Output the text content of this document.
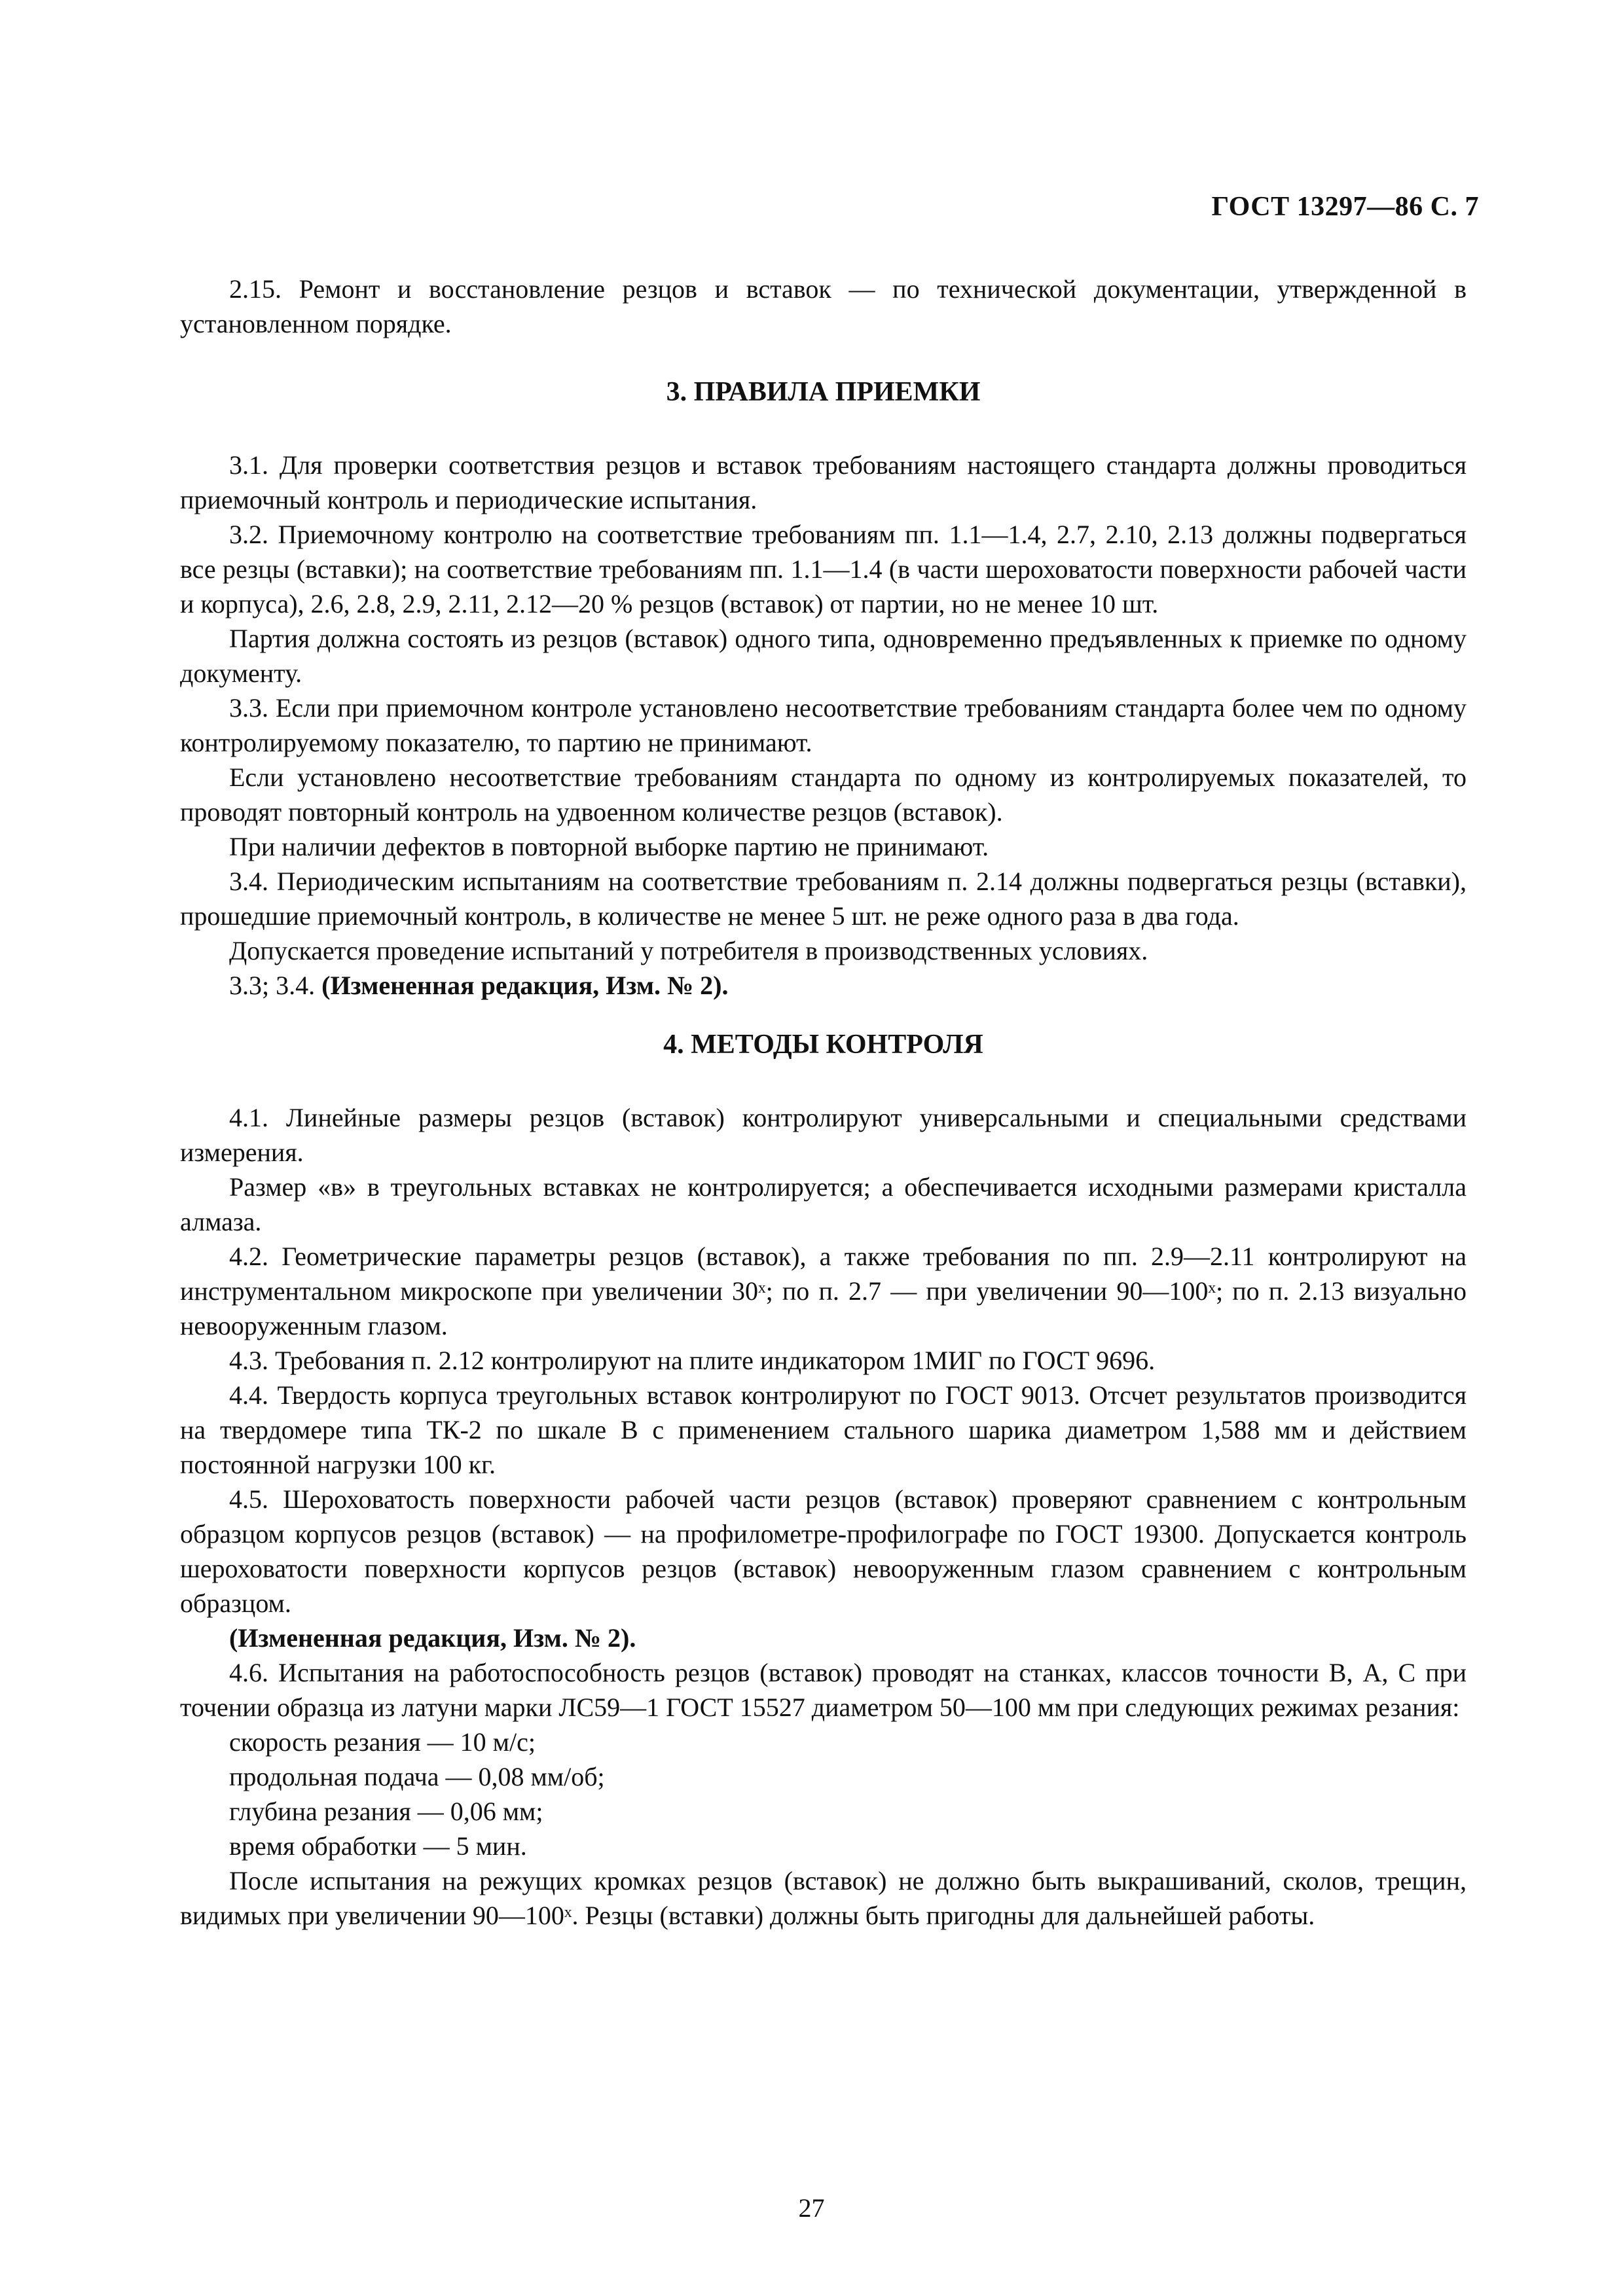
ГОСТ 13297—86 С. 7

2.15. Ремонт и восстановление резцов и вставок — по технической документации, утвержденной в установленном порядке.

3. ПРАВИЛА ПРИЕМКИ

3.1. Для проверки соответствия резцов и вставок требованиям настоящего стандарта должны проводиться приемочный контроль и периодические испытания.

3.2. Приемочному контролю на соответствие требованиям пп. 1.1—1.4, 2.7, 2.10, 2.13 должны подвергаться все резцы (вставки); на соответствие требованиям пп. 1.1—1.4 (в части шероховатости поверхности рабочей части и корпуса), 2.6, 2.8, 2.9, 2.11, 2.12—20 % резцов (вставок) от партии, но не менее 10 шт.

Партия должна состоять из резцов (вставок) одного типа, одновременно предъявленных к приемке по одному документу.

3.3. Если при приемочном контроле установлено несоответствие требованиям стандарта более чем по одному контролируемому показателю, то партию не принимают.

Если установлено несоответствие требованиям стандарта по одному из контролируемых показателей, то проводят повторный контроль на удвоенном количестве резцов (вставок).

При наличии дефектов в повторной выборке партию не принимают.

3.4. Периодическим испытаниям на соответствие требованиям п. 2.14 должны подвергаться резцы (вставки), прошедшие приемочный контроль, в количестве не менее 5 шт. не реже одного раза в два года.

Допускается проведение испытаний у потребителя в производственных условиях.

3.3; 3.4. (Измененная редакция, Изм. № 2).

4. МЕТОДЫ КОНТРОЛЯ

4.1. Линейные размеры резцов (вставок) контролируют универсальными и специальными средствами измерения.

Размер «в» в треугольных вставках не контролируется; а обеспечивается исходными размерами кристалла алмаза.

4.2. Геометрические параметры резцов (вставок), а также требования по пп. 2.9—2.11 контролируют на инструментальном микроскопе при увеличении 30ˣ; по п. 2.7 — при увеличении 90—100ˣ; по п. 2.13 визуально невооруженным глазом.

4.3. Требования п. 2.12 контролируют на плите индикатором 1МИГ по ГОСТ 9696.

4.4. Твердость корпуса треугольных вставок контролируют по ГОСТ 9013. Отсчет результатов производится на твердомере типа ТК-2 по шкале В с применением стального шарика диаметром 1,588 мм и действием постоянной нагрузки 100 кг.

4.5. Шероховатость поверхности рабочей части резцов (вставок) проверяют сравнением с контрольным образцом корпусов резцов (вставок) — на профилометре-профилографе по ГОСТ 19300. Допускается контроль шероховатости поверхности корпусов резцов (вставок) невооруженным глазом сравнением с контрольным образцом.

(Измененная редакция, Изм. № 2).

4.6. Испытания на работоспособность резцов (вставок) проводят на станках, классов точности В, А, С при точении образца из латуни марки ЛС59—1 ГОСТ 15527 диаметром 50—100 мм при следующих режимах резания:

скорость резания — 10 м/с;

продольная подача — 0,08 мм/об;

глубина резания — 0,06 мм;

время обработки — 5 мин.

После испытания на режущих кромках резцов (вставок) не должно быть выкрашиваний, сколов, трещин, видимых при увеличении 90—100ˣ. Резцы (вставки) должны быть пригодны для дальнейшей работы.

27
